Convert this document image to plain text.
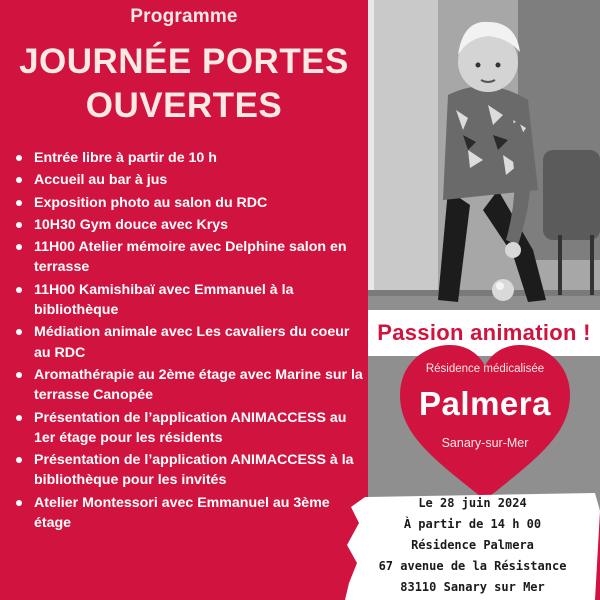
Programme
JOURNÉE PORTES
OUVERTES
Entrée libre à partir de 10 h
Accueil au bar à jus
Exposition photo au salon du RDC
10H30 Gym douce avec Krys
11H00 Atelier mémoire avec Delphine salon en terrasse
11H00 Kamishibaï avec Emmanuel à la bibliothèque
Médiation animale avec Les cavaliers du coeur au RDC
Aromathérapie au 2ème étage avec Marine sur la terrasse Canopée
Présentation de l’application ANIMACCESS au 1er étage pour les résidents
Présentation de l’application ANIMACCESS à la bibliothèque pour les invités
Atelier Montessori avec Emmanuel au 3ème étage
Passion animation !
Résidence médicalisée
Palmera
Sanary-sur-Mer
Le 28 juin 2024
À partir de 14 h 00
Résidence Palmera
67 avenue de la Résistance
83110 Sanary sur Mer
